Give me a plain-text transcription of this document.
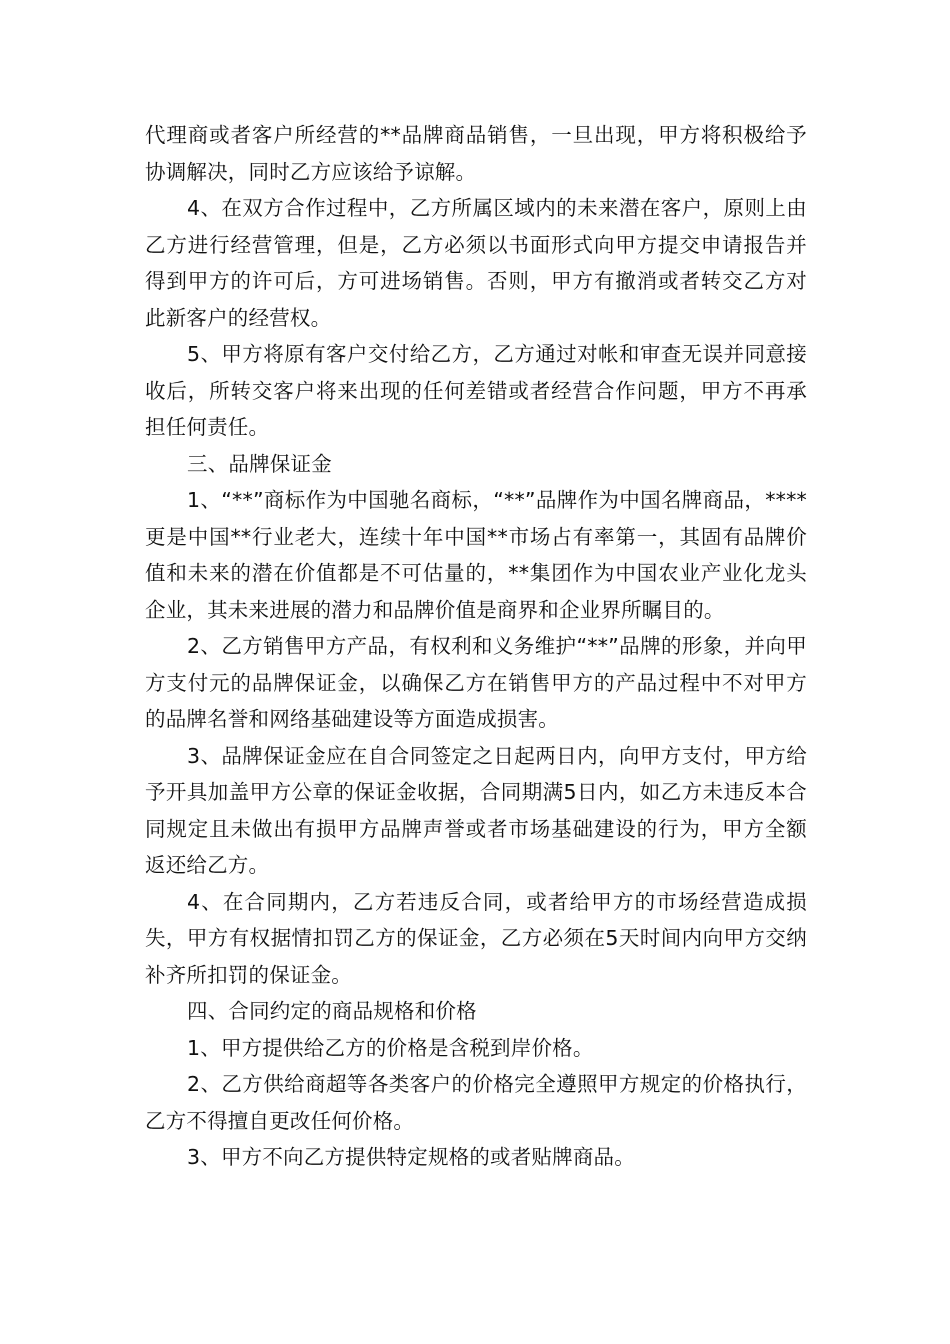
代理商或者客户所经营的**品牌商品销售，一旦出现，甲方将积极给予协调解决，同时乙方应该给予谅解。

4、在双方合作过程中，乙方所属区域内的未来潜在客户，原则上由乙方进行经营管理，但是，乙方必须以书面形式向甲方提交申请报告并得到甲方的许可后，方可进场销售。否则，甲方有撤消或者转交乙方对此新客户的经营权。

5、甲方将原有客户交付给乙方，乙方通过对帐和审查无误并同意接收后，所转交客户将来出现的任何差错或者经营合作问题，甲方不再承担任何责任。

三、品牌保证金

1、“**”商标作为中国驰名商标，“**”品牌作为中国名牌商品，****更是中国**行业老大，连续十年中国**市场占有率第一，其固有品牌价值和未来的潜在价值都是不可估量的，**集团作为中国农业产业化龙头企业，其未来进展的潜力和品牌价值是商界和企业界所瞩目的。

2、乙方销售甲方产品，有权利和义务维护“**”品牌的形象，并向甲方支付元的品牌保证金，以确保乙方在销售甲方的产品过程中不对甲方的品牌名誉和网络基础建设等方面造成损害。

3、品牌保证金应在自合同签定之日起两日内，向甲方支付，甲方给予开具加盖甲方公章的保证金收据，合同期满5日内，如乙方未违反本合同规定且未做出有损甲方品牌声誉或者市场基础建设的行为，甲方全额返还给乙方。

4、在合同期内，乙方若违反合同，或者给甲方的市场经营造成损失，甲方有权据情扣罚乙方的保证金，乙方必须在5天时间内向甲方交纳补齐所扣罚的保证金。

四、合同约定的商品规格和价格

1、甲方提供给乙方的价格是含税到岸价格。

2、乙方供给商超等各类客户的价格完全遵照甲方规定的价格执行，乙方不得擅自更改任何价格。

3、甲方不向乙方提供特定规格的或者贴牌商品。
